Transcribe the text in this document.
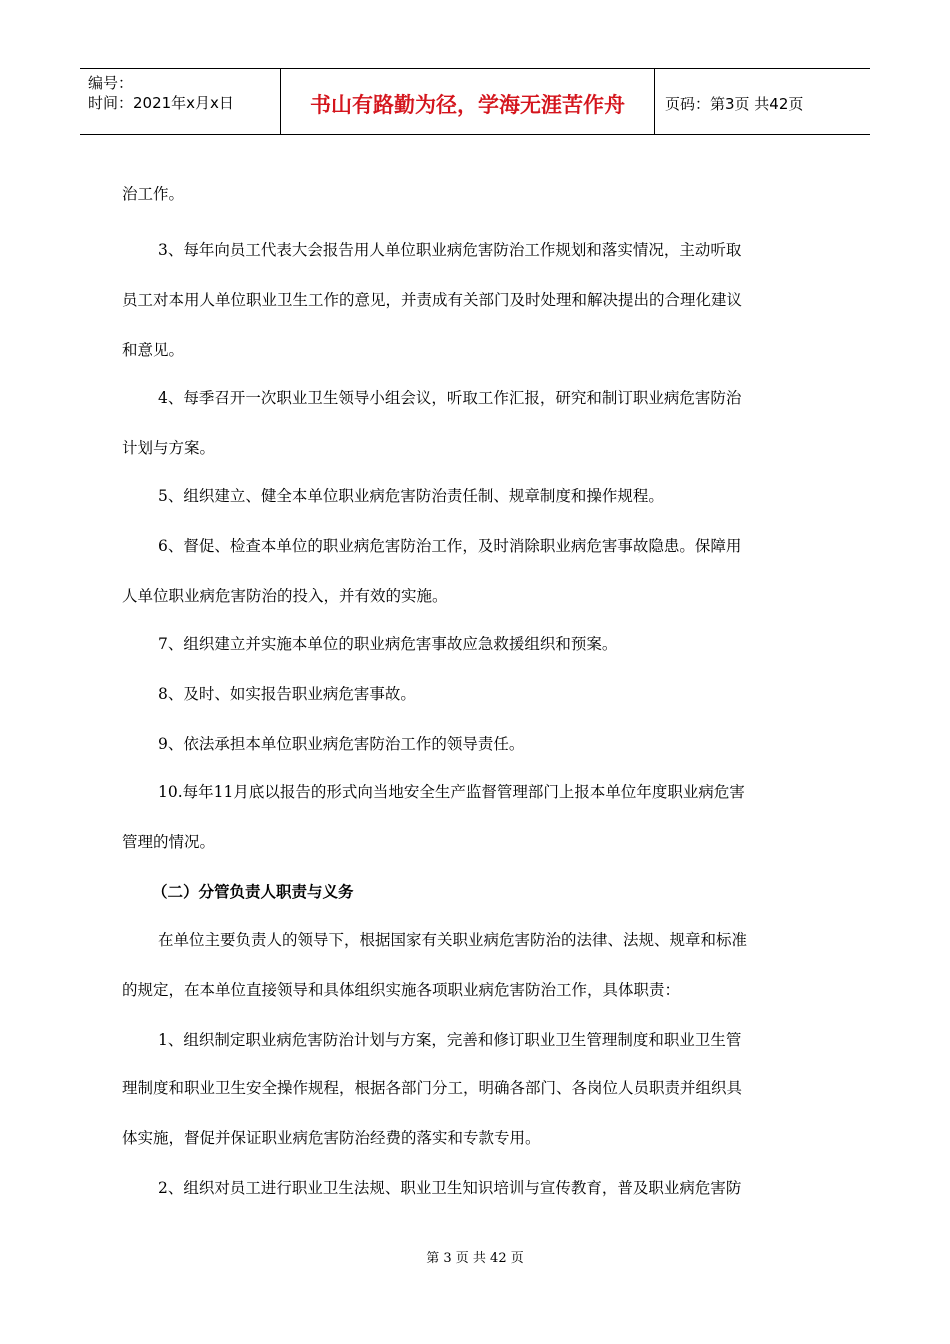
编号：
时间：2021年x月x日	书山有路勤为径，学海无涯苦作舟	页码：第3页 共42页
治工作。
3、每年向员工代表大会报告用人单位职业病危害防治工作规划和落实情况，主动听取
员工对本用人单位职业卫生工作的意见，并责成有关部门及时处理和解决提出的合理化建议
和意见。
4、每季召开一次职业卫生领导小组会议，听取工作汇报，研究和制订职业病危害防治
计划与方案。
5、组织建立、健全本单位职业病危害防治责任制、规章制度和操作规程。
6、督促、检查本单位的职业病危害防治工作，及时消除职业病危害事故隐患。保障用
人单位职业病危害防治的投入，并有效的实施。
7、组织建立并实施本单位的职业病危害事故应急救援组织和预案。
8、及时、如实报告职业病危害事故。
9、依法承担本单位职业病危害防治工作的领导责任。
10.每年11月底以报告的形式向当地安全生产监督管理部门上报本单位年度职业病危害
管理的情况。
（二）分管负责人职责与义务
在单位主要负责人的领导下，根据国家有关职业病危害防治的法律、法规、规章和标准
的规定，在本单位直接领导和具体组织实施各项职业病危害防治工作，具体职责：
1、组织制定职业病危害防治计划与方案，完善和修订职业卫生管理制度和职业卫生管
理制度和职业卫生安全操作规程，根据各部门分工，明确各部门、各岗位人员职责并组织具
体实施，督促并保证职业病危害防治经费的落实和专款专用。
2、组织对员工进行职业卫生法规、职业卫生知识培训与宣传教育，普及职业病危害防
第 3 页 共 42 页
